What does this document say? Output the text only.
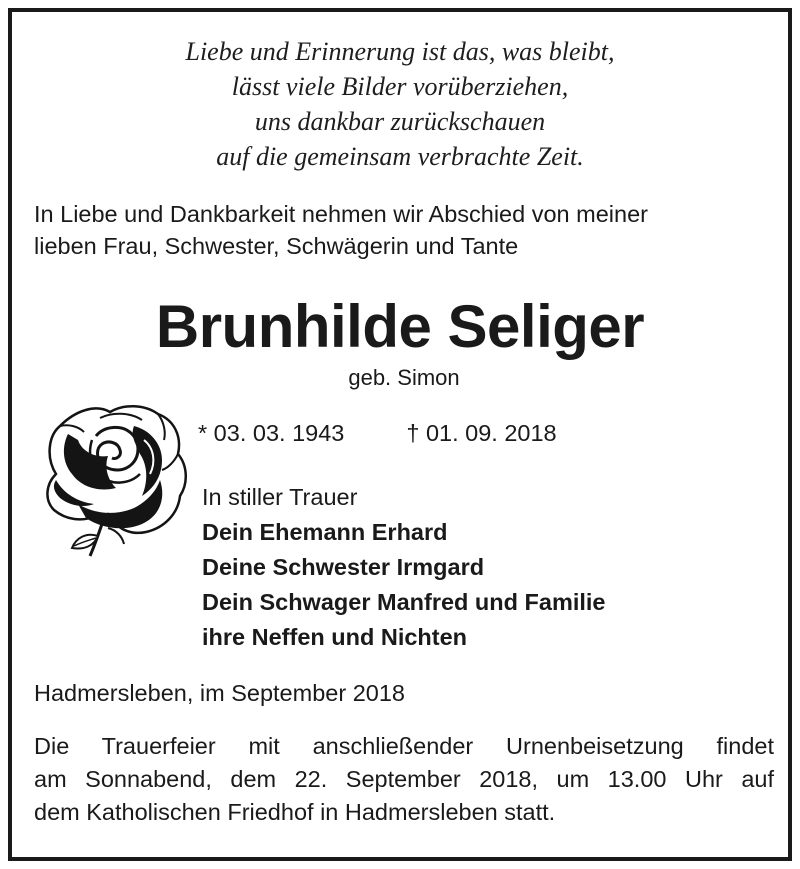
Liebe und Erinnerung ist das, was bleibt,
lässt viele Bilder vorüberziehen,
uns dankbar zurückschauen
auf die gemeinsam verbrachte Zeit.
In Liebe und Dankbarkeit nehmen wir Abschied von meiner
lieben Frau, Schwester, Schwägerin und Tante
Brunhilde Seliger
geb. Simon
* 03. 03. 1943	† 01. 09. 2018
In stiller Trauer
Dein Ehemann Erhard
Deine Schwester Irmgard
Dein Schwager Manfred und Familie
ihre Neffen und Nichten
Hadmersleben, im September 2018
Die Trauerfeier mit anschließender Urnenbeisetzung findet
am Sonnabend, dem 22. September 2018, um 13.00 Uhr auf
dem Katholischen Friedhof in Hadmersleben statt.
